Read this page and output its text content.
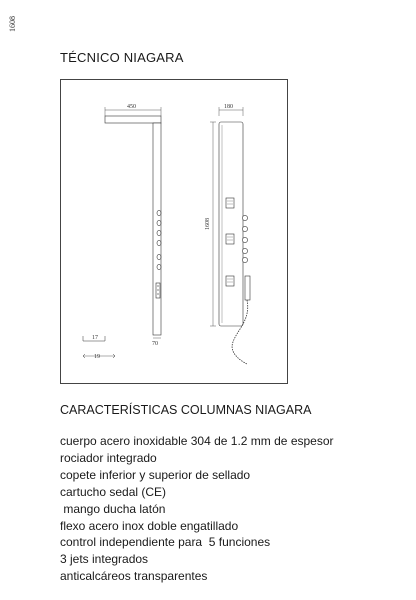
1608
TÉCNICO NIAGARA
450
70
180
1608
17
19
CARACTERÍSTICAS COLUMNAS NIAGARA
cuerpo acero inoxidable 304 de 1.2 mm de espesor
rociador integrado
copete inferior y superior de sellado
cartucho sedal (CE)
mango ducha latón
flexo acero inox doble engatillado
control independiente para  5 funciones
3 jets integrados
anticalcáreos transparentes
